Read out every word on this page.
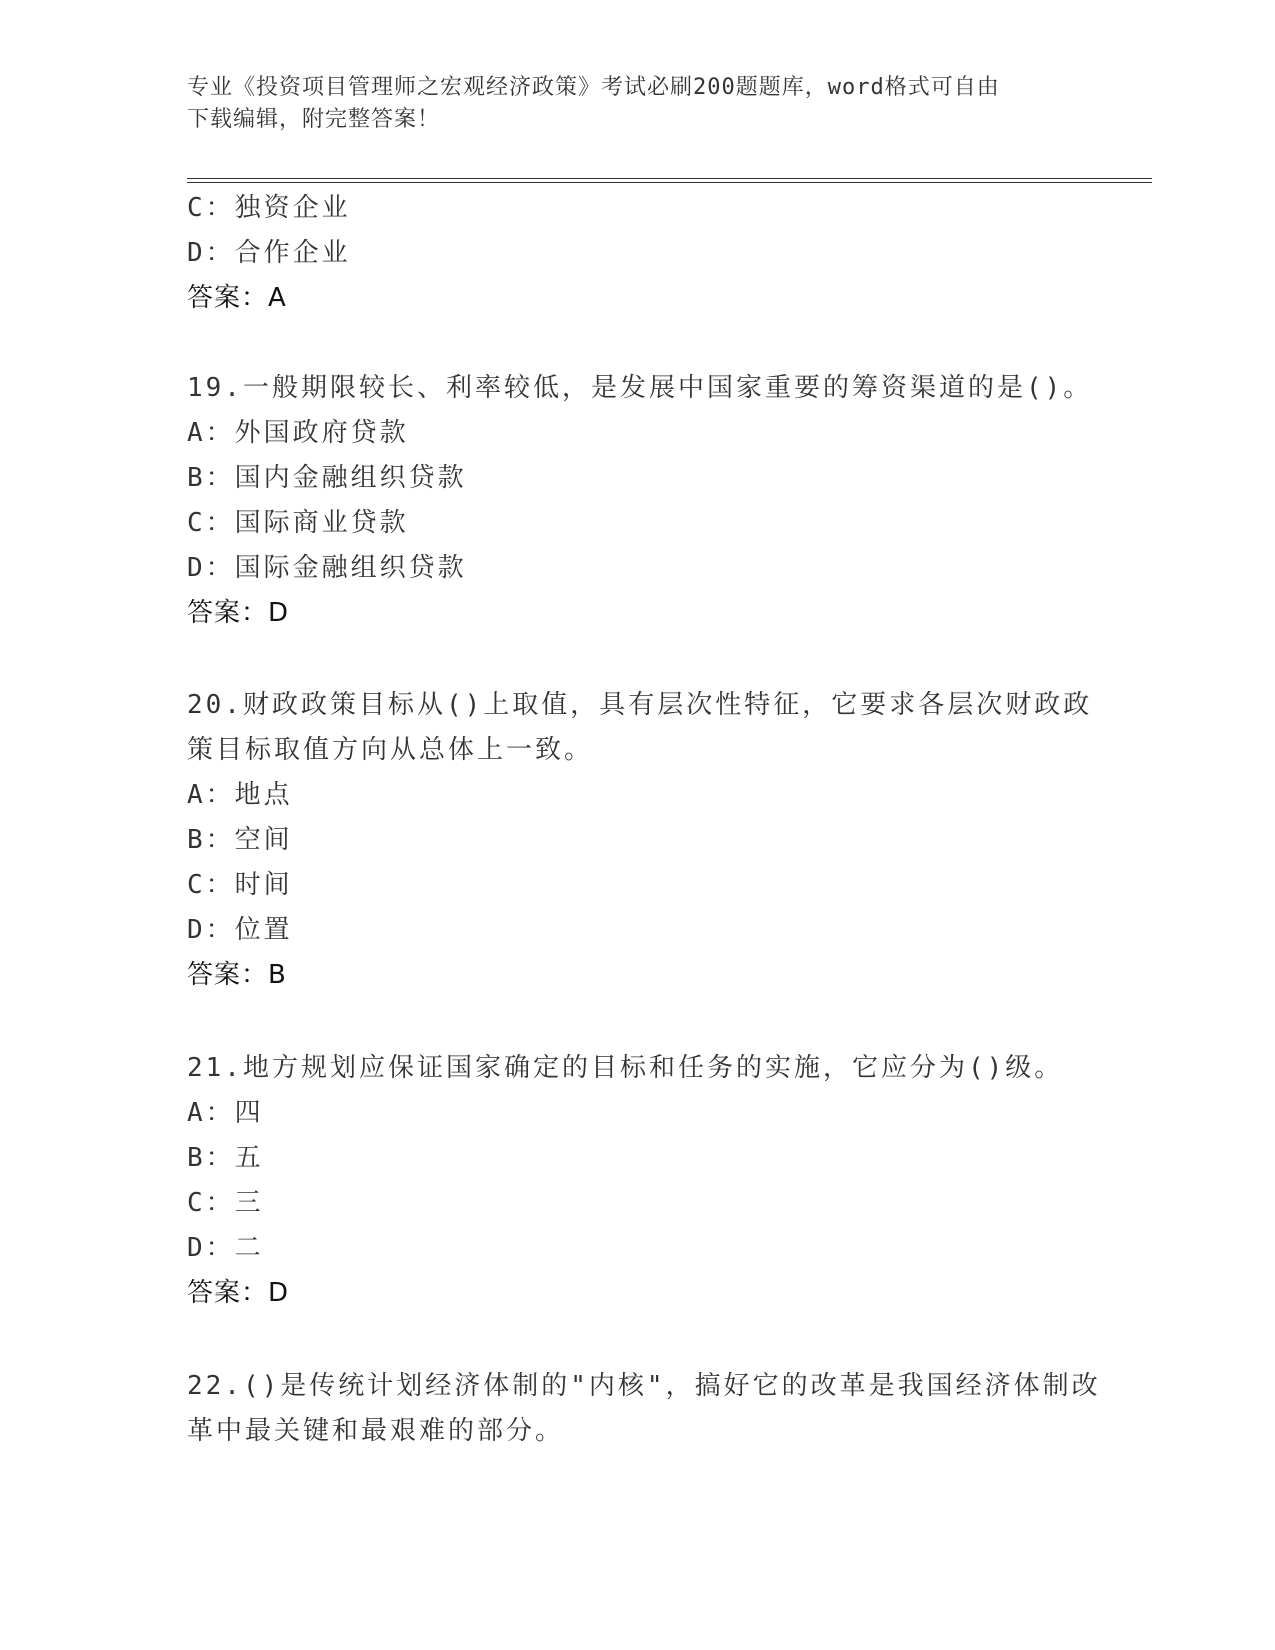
专业《投资项目管理师之宏观经济政策》考试必刷200题题库，word格式可自由
下载编辑，附完整答案！
C：独资企业
D：合作企业
答案：A
19.一般期限较长、利率较低，是发展中国家重要的筹资渠道的是()。
A：外国政府贷款
B：国内金融组织贷款
C：国际商业贷款
D：国际金融组织贷款
答案：D
20.财政政策目标从()上取值，具有层次性特征，它要求各层次财政政
策目标取值方向从总体上一致。
A：地点
B：空间
C：时间
D：位置
答案：B
21.地方规划应保证国家确定的目标和任务的实施，它应分为()级。
A：四
B：五
C：三
D：二
答案：D
22.()是传统计划经济体制的"内核"，搞好它的改革是我国经济体制改
革中最关键和最艰难的部分。
